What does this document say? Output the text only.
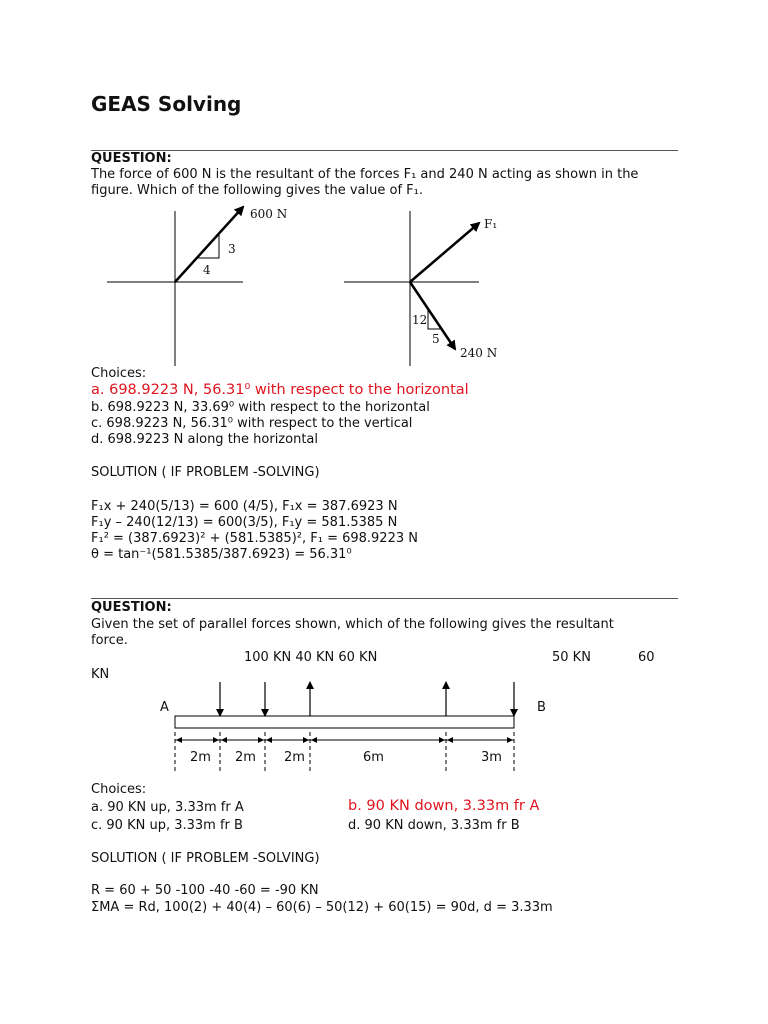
GEAS Solving
QUESTION:
The force of 600 N is the resultant of the forces F₁ and 240 N acting as shown in the
figure. Which of the following gives the value of F₁.
600 N
3
4
F₁
12
5
240 N
Choices:
a. 698.9223 N, 56.31⁰ with respect to the horizontal
b. 698.9223 N, 33.69⁰ with respect to the horizontal
c. 698.9223 N, 56.31⁰ with respect to the vertical
d. 698.9223 N along the horizontal
SOLUTION ( IF PROBLEM -SOLVING)
F₁x + 240(5/13) = 600 (4/5), F₁x = 387.6923 N
F₁y – 240(12/13) = 600(3/5), F₁y = 581.5385 N
F₁² = (387.6923)² + (581.5385)², F₁ = 698.9223 N
θ = tan⁻¹(581.5385/387.6923) = 56.31⁰
QUESTION:
Given the set of parallel forces shown, which of the following gives the resultant
force.
100 KN 40 KN 60 KN	50 KN	60
KN
A	B
2m 2m 2m	6m	3m
Choices:
a. 90 KN up, 3.33m fr A	b. 90 KN down, 3.33m fr A
c. 90 KN up, 3.33m fr B	d. 90 KN down, 3.33m fr B
SOLUTION ( IF PROBLEM -SOLVING)
R = 60 + 50 -100 -40 -60 = -90 KN
ΣMA = Rd, 100(2) + 40(4) – 60(6) – 50(12) + 60(15) = 90d, d = 3.33m
